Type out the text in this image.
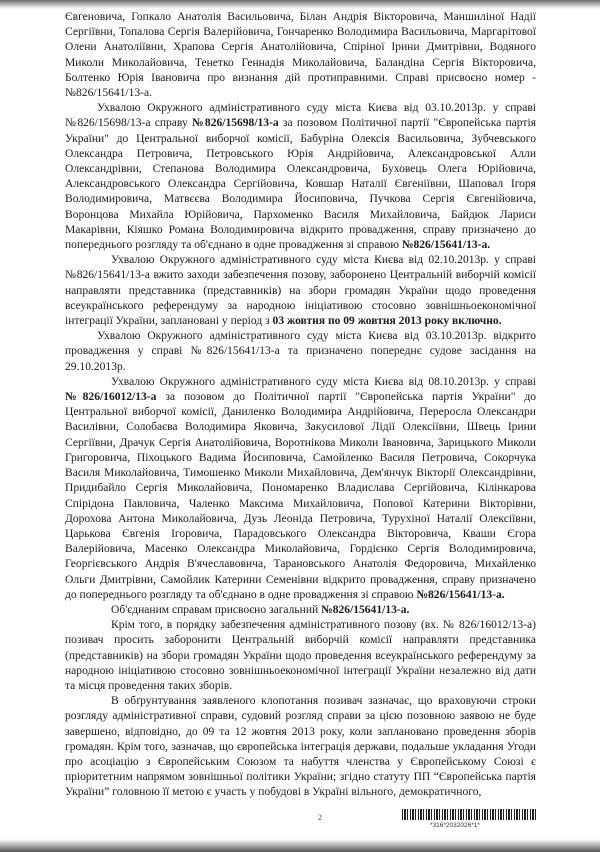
Євгеновича, Гопкало Анатолія Васильовича, Білан Андрія Вікторовича, Маншиліної Надії Сергіївни, Топалова Сергія Валерійовича, Гончаренко Володимира Васильовича, Маргарітової Олени Анатоліївни, Храпова Сергія Анатолійовича, Спіріної Ірини Дмитрівни, Водяного Миколи Миколайовича, Тенетко Геннадія Миколайовича, Баландіна Сергія Вікторовича, Болтенко Юрія Івановича про визнання дій протиправними. Справі присвоєно номер - №826/15641/13-а.

Ухвалою Окружного адміністративного суду міста Києва від 03.10.2013р. у справі №826/15698/13-а справу №826/15698/13-а за позовом Політичної партії "Європейська партія України" до Центральної виборчої комісії, Бабуріна Олексія Васильовича, Зубчевського Олександра Петровича, Петровського Юрія Андрійовича, Александровської Алли Олександрівни, Степанова Володимира Олександровича, Буховець Олега Юрійовича, Александровського Олександра Сергійовича, Ковшар Наталії Євгеніївни, Шаповал Ігоря Володимировича, Матвєєва Володимира Йосиповича, Пучкова Сергія Євгенійовича, Воронцова Михайла Юрійовича, Пархоменко Василя Михайловича, Байдюк Лариси Макарівни, Кіяшко Романа Володимировича відкрито провадження, справу призначено до попереднього розгляду та об'єднано в одне провадження зі справою №826/15641/13-а.

Ухвалою Окружного адміністративного суду міста Києва від 02.10.2013р. у справі №826/15641/13-а вжито заходи забезпечення позову, заборонено Центральній виборчій комісії направляти представника (представників) на збори громадян України щодо проведення всеукраїнського референдуму за народною ініціативою стосовно зовнішньоекономічної інтеграції України, заплановані у період з 03 жовтня по 09 жовтня 2013 року включно.

Ухвалою Окружного адміністративного суду міста Києва від 03.10.2013р. відкрито провадження у справі №826/15641/13-а та призначено попереднє судове засідання на 29.10.2013р.

Ухвалою Окружного адміністративного суду міста Києва від 08.10.2013р. у справі №826/16012/13-а за позовом до Політичної партії "Європейська партія України" до Центральної виборчої комісії, Даниленко Володимира Андрійовича, Переросла Олександри Василівни, Солобаєва Володимира Яковича, Закусилової Лідії Олексіївни, Швець Ірини Сергіївни, Драчук Сергія Анатолійовича, Воротнікова Миколи Івановича, Зарицького Миколи Григоровича, Піхоцького Вадима Йосиповича, Самойленко Василя Петровича, Сокорчука Василя Миколайовича, Тимошенко Миколи Михайловича, Дем'янчук Вікторії Олександрівни, Придибайло Сергія Миколайовича, Пономаренко Владислава Сергійовича, Кілінкарова Спірідона Павловича, Чаленко Максима Михайловича, Попової Катерини Вікторівни, Дорохова Антона Миколайовича, Дузь Леоніда Петровича, Турухіної Наталії Олексіївни, Царькова Євгенія Ігоровича, Парадовського Олександра Вікторовича, Кваши Єгора Валерійовича, Масенко Олександра Миколайовича, Гордієнко Сергія Володимировича, Георгієвського Андрія В'ячеславовича, Тарановського Анатолія Федоровича, Михайленко Ольги Дмитрівни, Самойлик Катерини Семенівни відкрито провадження, справу призначено до попереднього розгляду та об'єднано в одне провадження зі справою №826/15641/13-а.

Об'єднаним справам присвоєно загальний №826/15641/13-а.

Крім того, в порядку забезпечення адміністративного позову (вх. № 826/16012/13-а) позивач просить заборонити Центральній виборчій комісії направляти представника (представників) на збори громадян України щодо проведення всеукраїнського референдуму за народною ініціативою стосовно зовнішньоекономічної інтеграції України незалежно від дати та місця проведення таких зборів.

В обґрунтування заявленого клопотання позивач зазначає, що враховуючи строки розгляду адміністративної справи, судовий розгляд справи за цією позовною заявою не буде завершено, відповідно, до 09 та 12 жовтня 2013 року, коли заплановано проведення зборів громадян. Крім того, зазначав, що європейська інтеграція держави, подальше укладання Угоди про асоціацію з Європейським Союзом та набуття членства у Європейському Союзі є пріоритетним напрямом зовнішньої політики України; згідно статуту ПП “Європейська партія України” головною її метою є участь у побудові в Україні вільного, демократичного,

2
*316*2032026*1*
